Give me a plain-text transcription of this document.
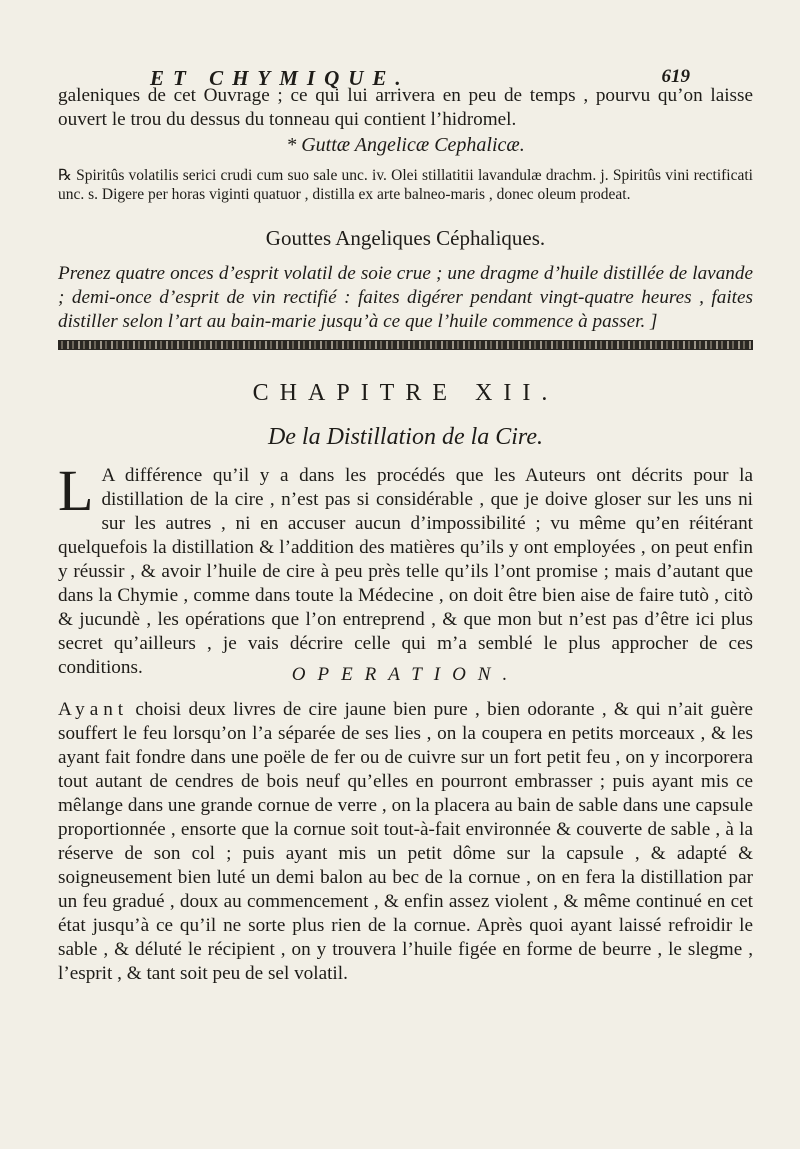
ET CHYMIQUE.	619

galeniques de cet Ouvrage ; ce qui lui arrivera en peu de temps , pourvu qu’on laisse ouvert le trou du dessus du tonneau qui contient l’hidromel.

* Guttæ Angelicæ Cephalicæ.

℞ Spiritûs volatilis serici crudi cum suo sale unc. iv. Olei stillatitii lavandulæ drachm. j. Spiritûs vini rectificati unc. s. Digere per horas viginti quatuor , distilla ex arte balneo-maris , donec oleum prodeat.

Gouttes Angeliques Céphaliques.

Prenez quatre onces d’esprit volatil de soie crue ; une dragme d’huile distillée de lavande ; demi-once d’esprit de vin rectifié : faites digérer pendant vingt-quatre heures , faites distiller selon l’art au bain-marie jusqu’à ce que l’huile commence à passer. ]

CHAPITRE XII.
De la Distillation de la Cire.
L A différence qu’il y a dans les procédés que les Auteurs ont décrits pour la distillation de la cire , n’est pas si considérable , que je doive gloser sur les uns ni sur les autres , ni en accuser aucun d’impossibilité ; vu même qu’en réitérant quelquefois la distillation & l’addition des matières qu’ils y ont employées , on peut enfin y réussir , & avoir l’huile de cire à peu près telle qu’ils l’ont promise ; mais d’autant que dans la Chymie , comme dans toute la Médecine , on doit être bien aise de faire tutò , citò & jucundè , les opérations que l’on entreprend , & que mon but n’est pas d’être ici plus secret qu’ailleurs , je vais décrire celle qui m’a semblé le plus approcher de ces conditions.	OPERATION.

Ayant choisi deux livres de cire jaune bien pure , bien odorante , & qui n’ait guère souffert le feu lorsqu’on l’a séparée de ses lies , on la coupera en petits morceaux , & les ayant fait fondre dans une poële de fer ou de cuivre sur un fort petit feu , on y incorporera tout autant de cendres de bois neuf qu’elles en pourront embrasser ; puis ayant mis ce mêlange dans une grande cornue de verre , on la placera au bain de sable dans une capsule proportionnée , ensorte que la cornue soit tout-à-fait environnée & couverte de sable , à la réserve de son col ; puis ayant mis un petit dôme sur la capsule , & adapté & soigneusement bien luté un demi balon au bec de la cornue , on en fera la distillation par un feu gradué , doux au commencement , & enfin assez violent , & même continué en cet état jusqu’à ce qu’il ne sorte plus rien de la cornue. Après quoi ayant laissé refroidir le sable , & déluté le récipient , on y trouvera l’huile figée en forme de beurre , le slegme , l’esprit , & tant soit peu de sel volatil.
